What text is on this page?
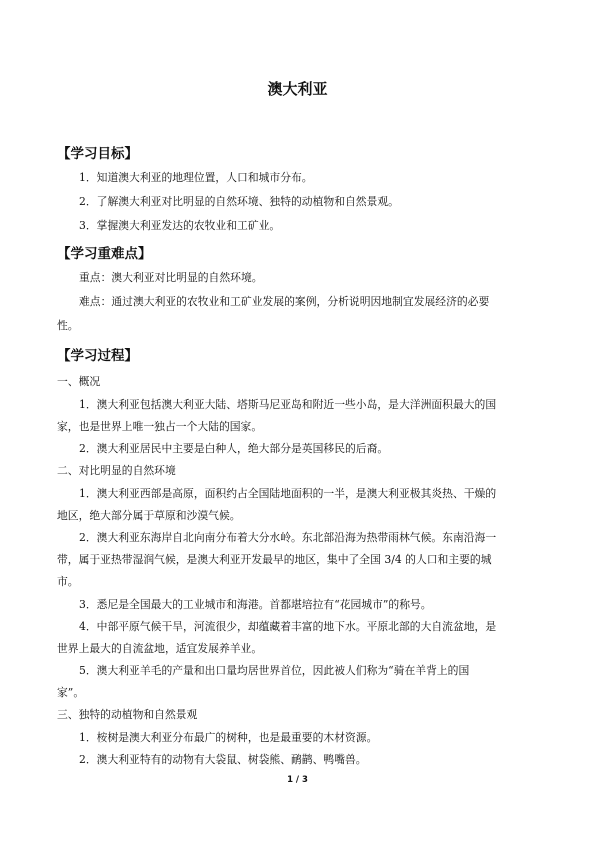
澳大利亚
【学习目标】
1．知道澳大利亚的地理位置，人口和城市分布。
2．了解澳大利亚对比明显的自然环境、独特的动植物和自然景观。
3．掌握澳大利亚发达的农牧业和工矿业。
【学习重难点】
重点：澳大利亚对比明显的自然环境。
难点：通过澳大利亚的农牧业和工矿业发展的案例，分析说明因地制宜发展经济的必要
性。
【学习过程】
一、概况
1．澳大利亚包括澳大利亚大陆、塔斯马尼亚岛和附近一些小岛，是大洋洲面积最大的国
家，也是世界上唯一独占一个大陆的国家。
2．澳大利亚居民中主要是白种人，绝大部分是英国移民的后裔。
二、对比明显的自然环境
1．澳大利亚西部是高原，面积约占全国陆地面积的一半，是澳大利亚极其炎热、干燥的
地区，绝大部分属于草原和沙漠气候。
2．澳大利亚东海岸自北向南分布着大分水岭。东北部沿海为热带雨林气候。东南沿海一
带，属于亚热带湿润气候，是澳大利亚开发最早的地区，集中了全国 3/4 的人口和主要的城
市。
3．悉尼是全国最大的工业城市和海港。首都堪培拉有“花园城市”的称号。
4．中部平原气候干旱，河流很少，却蕴藏着丰富的地下水。平原北部的大自流盆地，是
世界上最大的自流盆地，适宜发展养羊业。
5．澳大利亚羊毛的产量和出口量均居世界首位，因此被人们称为“骑在羊背上的国
家”。
三、独特的动植物和自然景观
1．桉树是澳大利亚分布最广的树种，也是最重要的木材资源。
2．澳大利亚特有的动物有大袋鼠、树袋熊、鸸鹋、鸭嘴兽。
1 / 3
